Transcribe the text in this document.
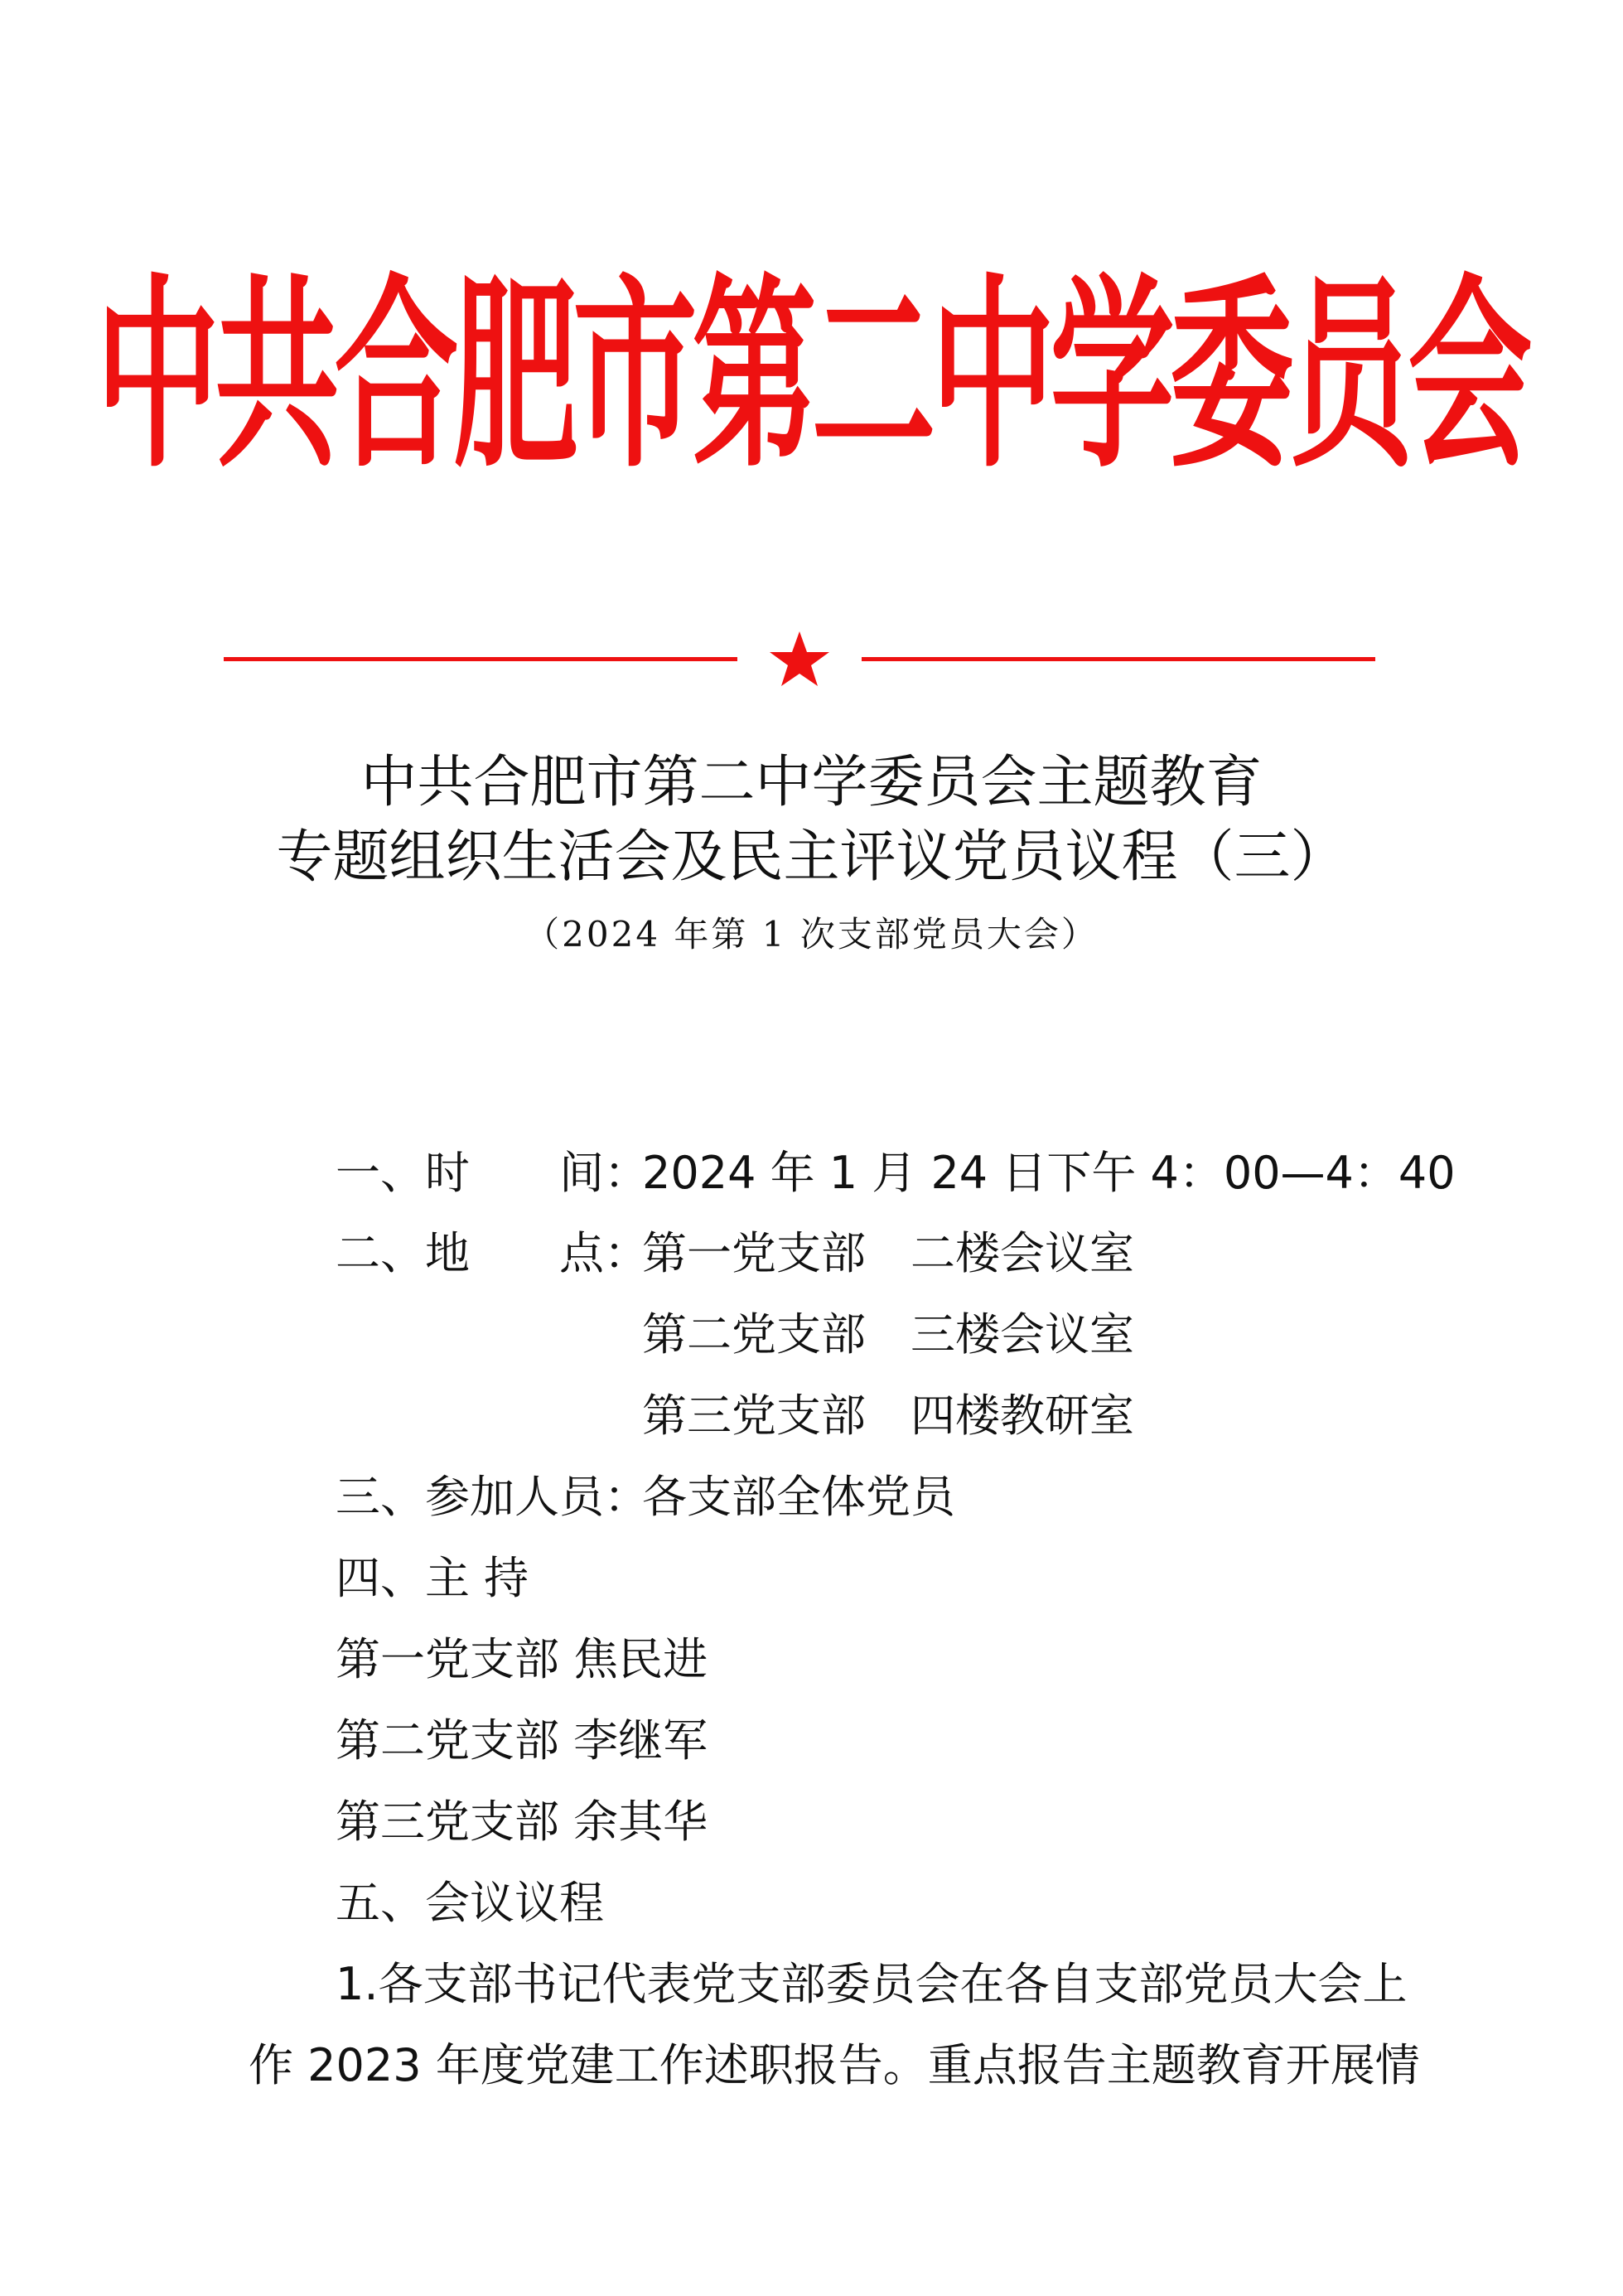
中共合肥市第二中学委员会
中共合肥市第二中学委员会主题教育
专题组织生活会及民主评议党员议程（三）
（2024 年第 1 次支部党员大会）
一、时　　间：
2024 年 1 月 24 日下午 4：00—4：40
二、地　　点：
第一党支部　二楼会议室
第二党支部　三楼会议室
第三党支部　四楼教研室
三、参加人员：
各支部全体党员
四、主 持
第一党支部 焦民进
第二党支部 李继军
第三党支部 余其华
五、会议议程
1.各支部书记代表党支部委员会在各自支部党员大会上
作 2023 年度党建工作述职报告。重点报告主题教育开展情
